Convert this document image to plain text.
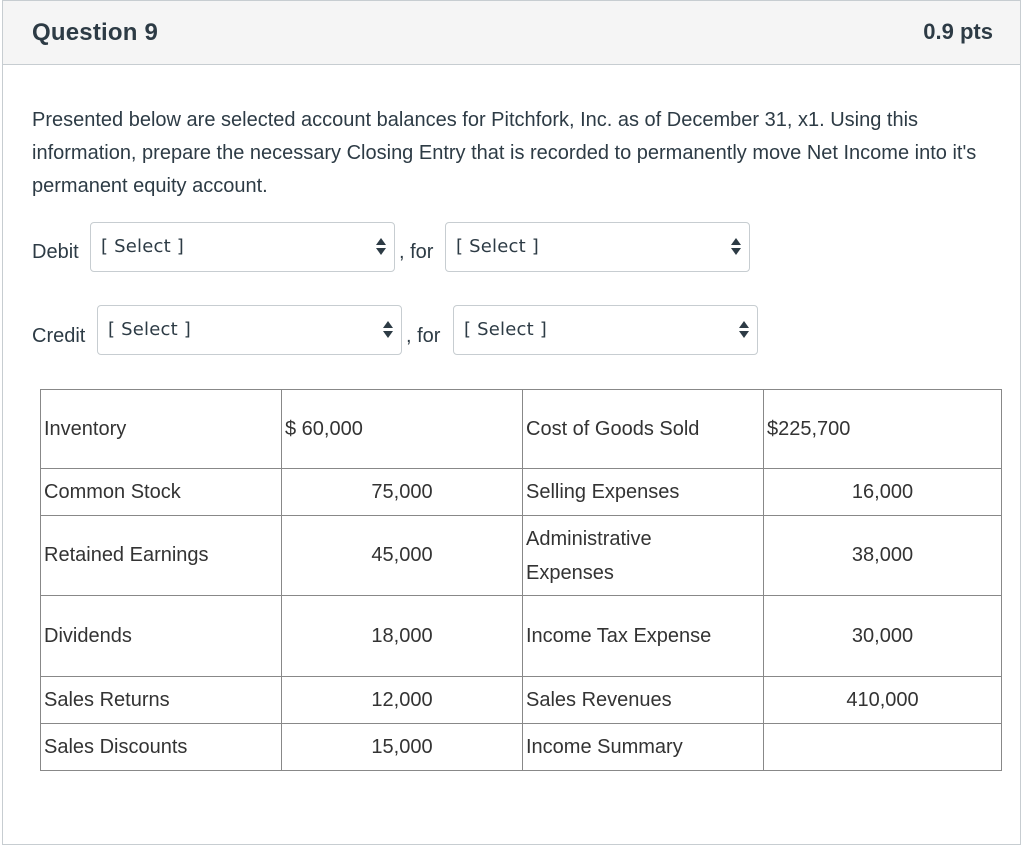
Question 9	0.9 pts
Presented below are selected account balances for Pitchfork, Inc. as of December 31, x1. Using this information, prepare the necessary Closing Entry that is recorded to permanently move Net Income into it's permanent equity account.
Debit [ Select ]	, for [ Select ]
Credit [ Select ]	, for [ Select ]
Inventory	$ 60,000	Cost of Goods Sold	$225,700
Common Stock	75,000	Selling Expenses	16,000
Retained Earnings	45,000	Administrative Expenses	38,000
Dividends	18,000	Income Tax Expense	30,000
Sales Returns	12,000	Sales Revenues	410,000
Sales Discounts	15,000	Income Summary	
